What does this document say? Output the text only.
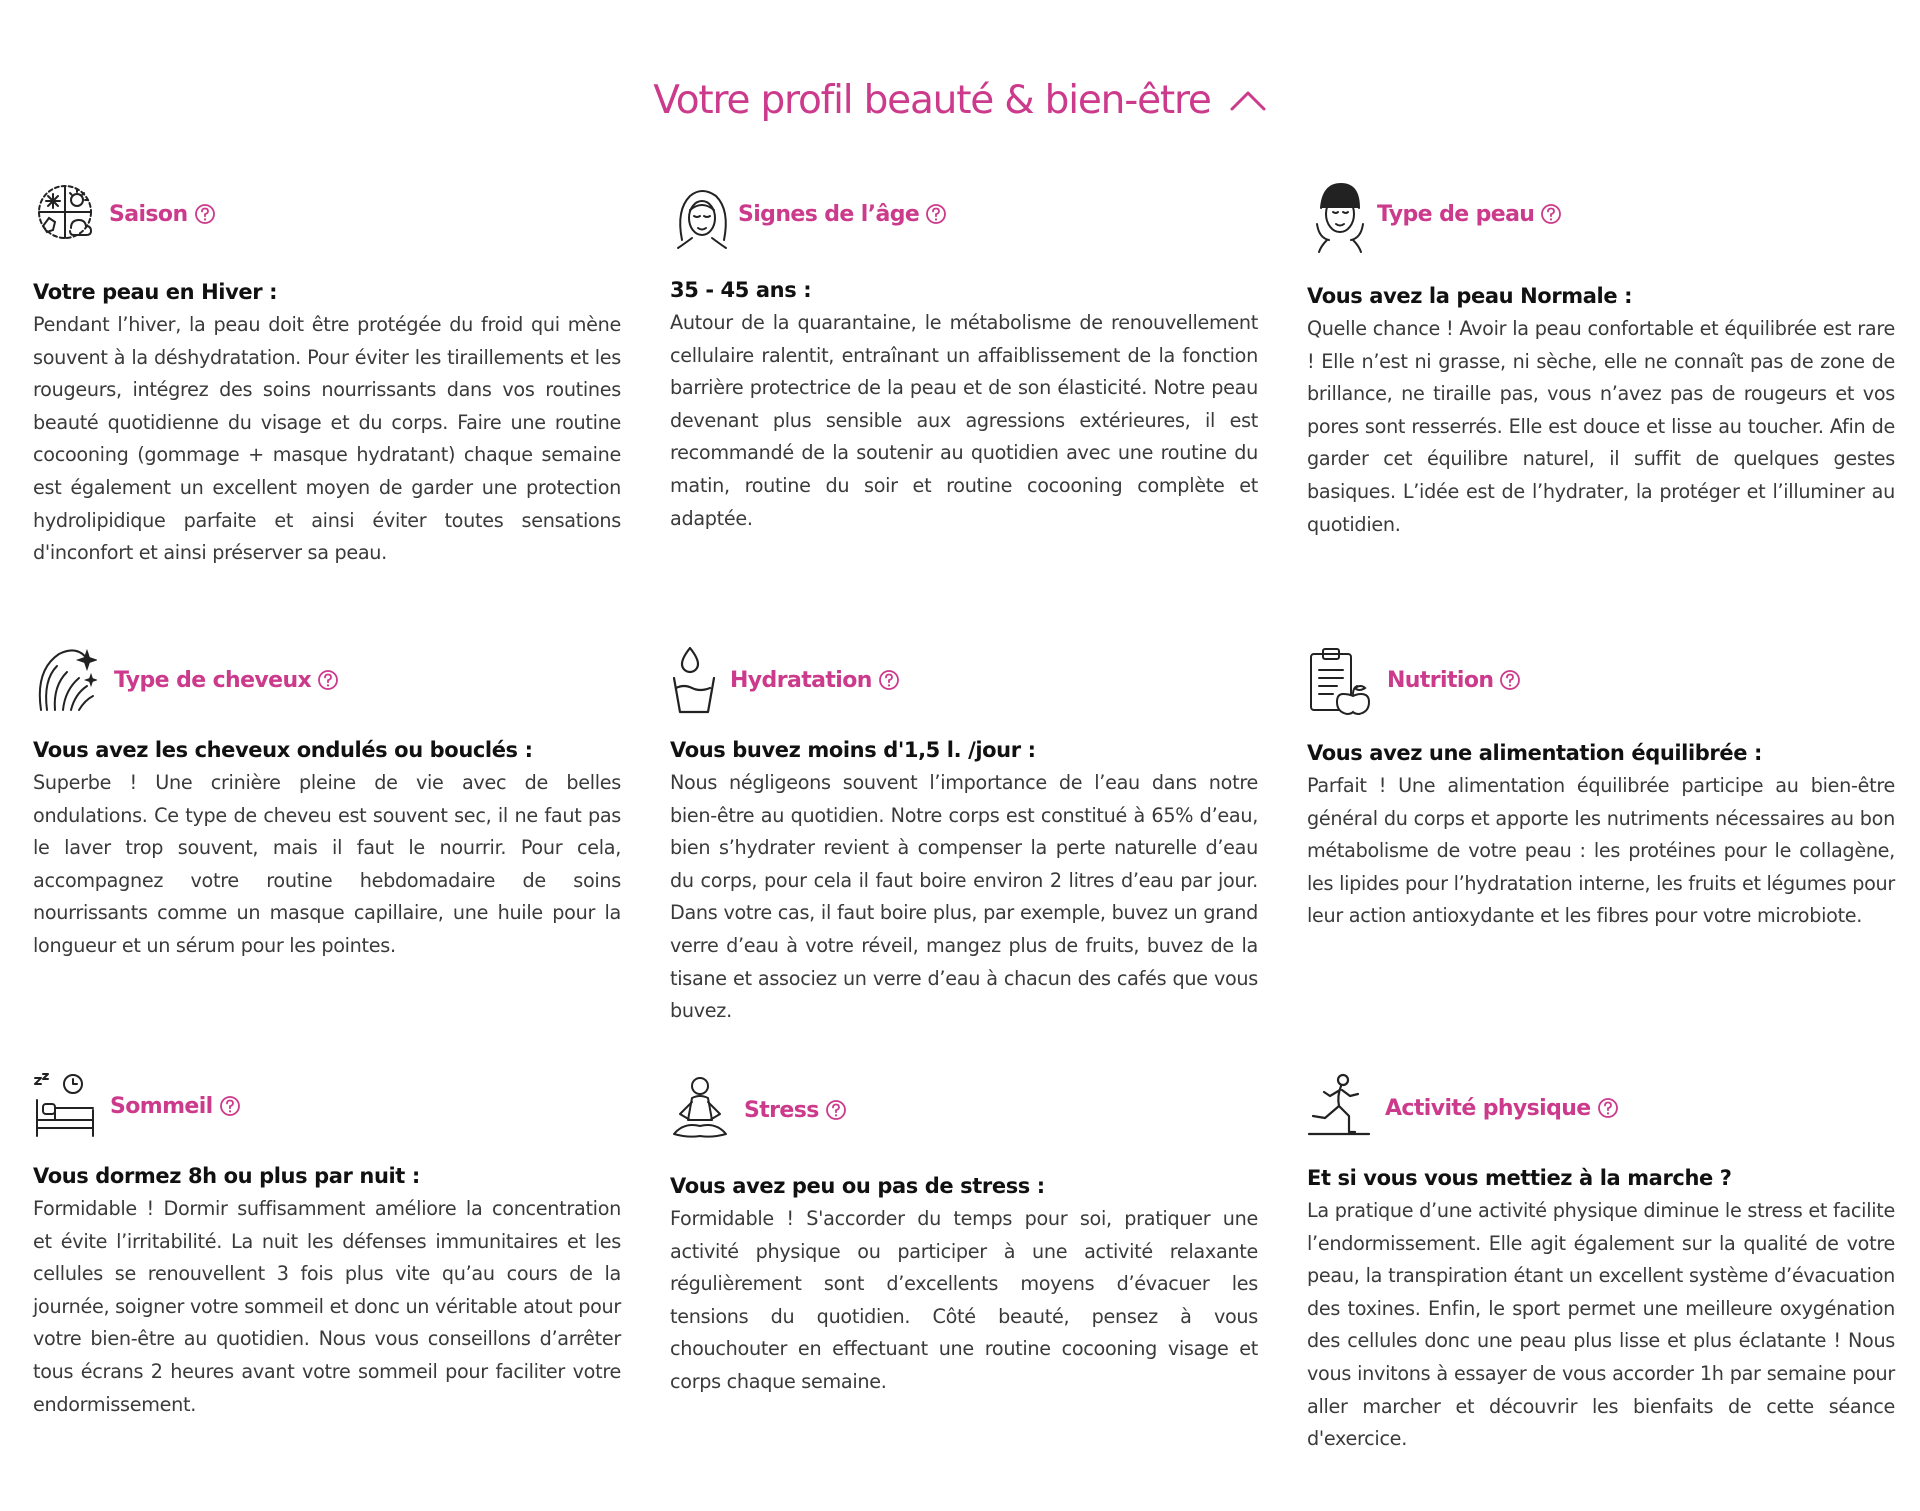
Votre profil beauté & bien-être
Saison
Votre peau en Hiver :

Pendant l’hiver, la peau doit être protégée du froid qui mène souvent à la déshydratation. Pour éviter les tiraillements et les rougeurs, intégrez des soins nourrissants dans vos routines beauté quotidienne du visage et du corps. Faire une routine cocooning (gommage + masque hydratant) chaque semaine est également un excellent moyen de garder une protection hydrolipidique parfaite et ainsi éviter toutes sensations d'inconfort et ainsi préserver sa peau.

Signes de l’âge
35 - 45 ans :

Autour de la quarantaine, le métabolisme de renouvellement cellulaire ralentit, entraînant un affaiblissement de la fonction barrière protectrice de la peau et de son élasticité. Notre peau devenant plus sensible aux agressions extérieures, il est recommandé de la soutenir au quotidien avec une routine du matin, routine du soir et routine cocooning complète et adaptée.

Type de peau
Vous avez la peau Normale :

Quelle chance ! Avoir la peau confortable et équilibrée est rare ! Elle n’est ni grasse, ni sèche, elle ne connaît pas de zone de brillance, ne tiraille pas, vous n’avez pas de rougeurs et vos pores sont resserrés. Elle est douce et lisse au toucher. Afin de garder cet équilibre naturel, il suffit de quelques gestes basiques. L’idée est de l’hydrater, la protéger et l’illuminer au quotidien.

Type de cheveux
Vous avez les cheveux ondulés ou bouclés :

Superbe ! Une crinière pleine de vie avec de belles ondulations. Ce type de cheveu est souvent sec, il ne faut pas le laver trop souvent, mais il faut le nourrir. Pour cela, accompagnez votre routine hebdomadaire de soins nourrissants comme un masque capillaire, une huile pour la longueur et un sérum pour les pointes.

Hydratation
Vous buvez moins d'1,5 l. /jour :

Nous négligeons souvent l’importance de l’eau dans notre bien-être au quotidien. Notre corps est constitué à 65% d’eau, bien s’hydrater revient à compenser la perte naturelle d’eau du corps, pour cela il faut boire environ 2 litres d’eau par jour. Dans votre cas, il faut boire plus, par exemple, buvez un grand verre d’eau à votre réveil, mangez plus de fruits, buvez de la tisane et associez un verre d’eau à chacun des cafés que vous buvez.

Nutrition
Vous avez une alimentation équilibrée :

Parfait ! Une alimentation équilibrée participe au bien-être général du corps et apporte les nutriments nécessaires au bon métabolisme de votre peau : les protéines pour le collagène, les lipides pour l’hydratation interne, les fruits et légumes pour leur action antioxydante et les fibres pour votre microbiote.

Sommeil
Vous dormez 8h ou plus par nuit :

Formidable ! Dormir suffisamment améliore la concentration et évite l’irritabilité. La nuit les défenses immunitaires et les cellules se renouvellent 3 fois plus vite qu’au cours de la journée, soigner votre sommeil et donc un véritable atout pour votre bien-être au quotidien. Nous vous conseillons d’arrêter tous écrans 2 heures avant votre sommeil pour faciliter votre endormissement.

Stress
Vous avez peu ou pas de stress :

Formidable ! S'accorder du temps pour soi, pratiquer une activité physique ou participer à une activité relaxante régulièrement sont d’excellents moyens d’évacuer les tensions du quotidien. Côté beauté, pensez à vous chouchouter en effectuant une routine cocooning visage et corps chaque semaine.

Activité physique
Et si vous vous mettiez à la marche ?

La pratique d’une activité physique diminue le stress et facilite l’endormissement. Elle agit également sur la qualité de votre peau, la transpiration étant un excellent système d’évacuation des toxines. Enfin, le sport permet une meilleure oxygénation des cellules donc une peau plus lisse et plus éclatante ! Nous vous invitons à essayer de vous accorder 1h par semaine pour aller marcher et découvrir les bienfaits de cette séance d'exercice.
